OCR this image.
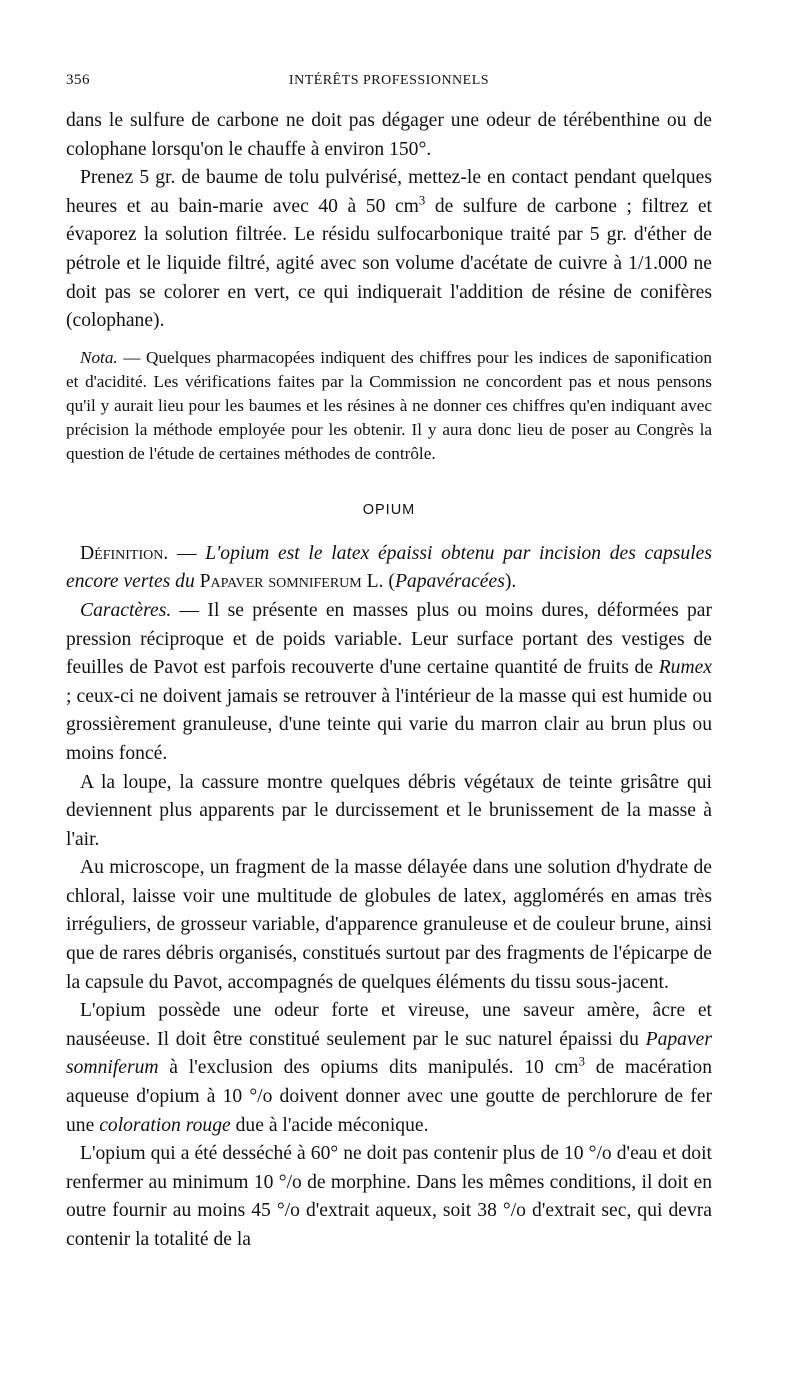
356	INTÉRÊTS PROFESSIONNELS

dans le sulfure de carbone ne doit pas dégager une odeur de térébenthine ou de colophane lorsqu'on le chauffe à environ 150°.

Prenez 5 gr. de baume de tolu pulvérisé, mettez-le en contact pendant quelques heures et au bain-marie avec 40 à 50 $cm^3$ de sulfure de carbone ; filtrez et évaporez la solution filtrée. Le résidu sulfocarbonique traité par 5 gr. d'éther de pétrole et le liquide filtré, agité avec son volume d'acétate de cuivre à 1/1.000 ne doit pas se colorer en vert, ce qui indiquerait l'addition de résine de conifères (colophane).

Nota. — Quelques pharmacopées indiquent des chiffres pour les indices de saponification et d'acidité. Les vérifications faites par la Commission ne concordent pas et nous pensons qu'il y aurait lieu pour les baumes et les résines à ne donner ces chiffres qu'en indiquant avec précision la méthode employée pour les obtenir. Il y aura donc lieu de poser au Congrès la question de l'étude de certaines méthodes de contrôle.

OPIUM

Définition. — L'opium est le latex épaissi obtenu par incision des capsules encore vertes du Papaver somniferum L. (Papavéracées).

Caractères. — Il se présente en masses plus ou moins dures, déformées par pression réciproque et de poids variable. Leur surface portant des vestiges de feuilles de Pavot est parfois recouverte d'une certaine quantité de fruits de Rumex ; ceux-ci ne doivent jamais se retrouver à l'intérieur de la masse qui est humide ou grossièrement granuleuse, d'une teinte qui varie du marron clair au brun plus ou moins foncé.

A la loupe, la cassure montre quelques débris végétaux de teinte grisâtre qui deviennent plus apparents par le durcissement et le brunissement de la masse à l'air.

Au microscope, un fragment de la masse délayée dans une solution d'hydrate de chloral, laisse voir une multitude de globules de latex, agglomérés en amas très irréguliers, de grosseur variable, d'apparence granuleuse et de couleur brune, ainsi que de rares débris organisés, constitués surtout par des fragments de l'épicarpe de la capsule du Pavot, accompagnés de quelques éléments du tissu sous-jacent.

L'opium possède une odeur forte et vireuse, une saveur amère, âcre et nauséeuse. Il doit être constitué seulement par le suc naturel épaissi du Papaver somniferum à l'exclusion des opiums dits manipulés. 10 $cm^3$ de macération aqueuse d'opium à 10 °/o doivent donner avec une goutte de perchlorure de fer une coloration rouge due à l'acide méconique.

L'opium qui a été desséché à 60° ne doit pas contenir plus de 10 °/o d'eau et doit renfermer au minimum 10 °/o de morphine. Dans les mêmes conditions, il doit en outre fournir au moins 45 °/o d'extrait aqueux, soit 38 °/o d'extrait sec, qui devra contenir la totalité de la
